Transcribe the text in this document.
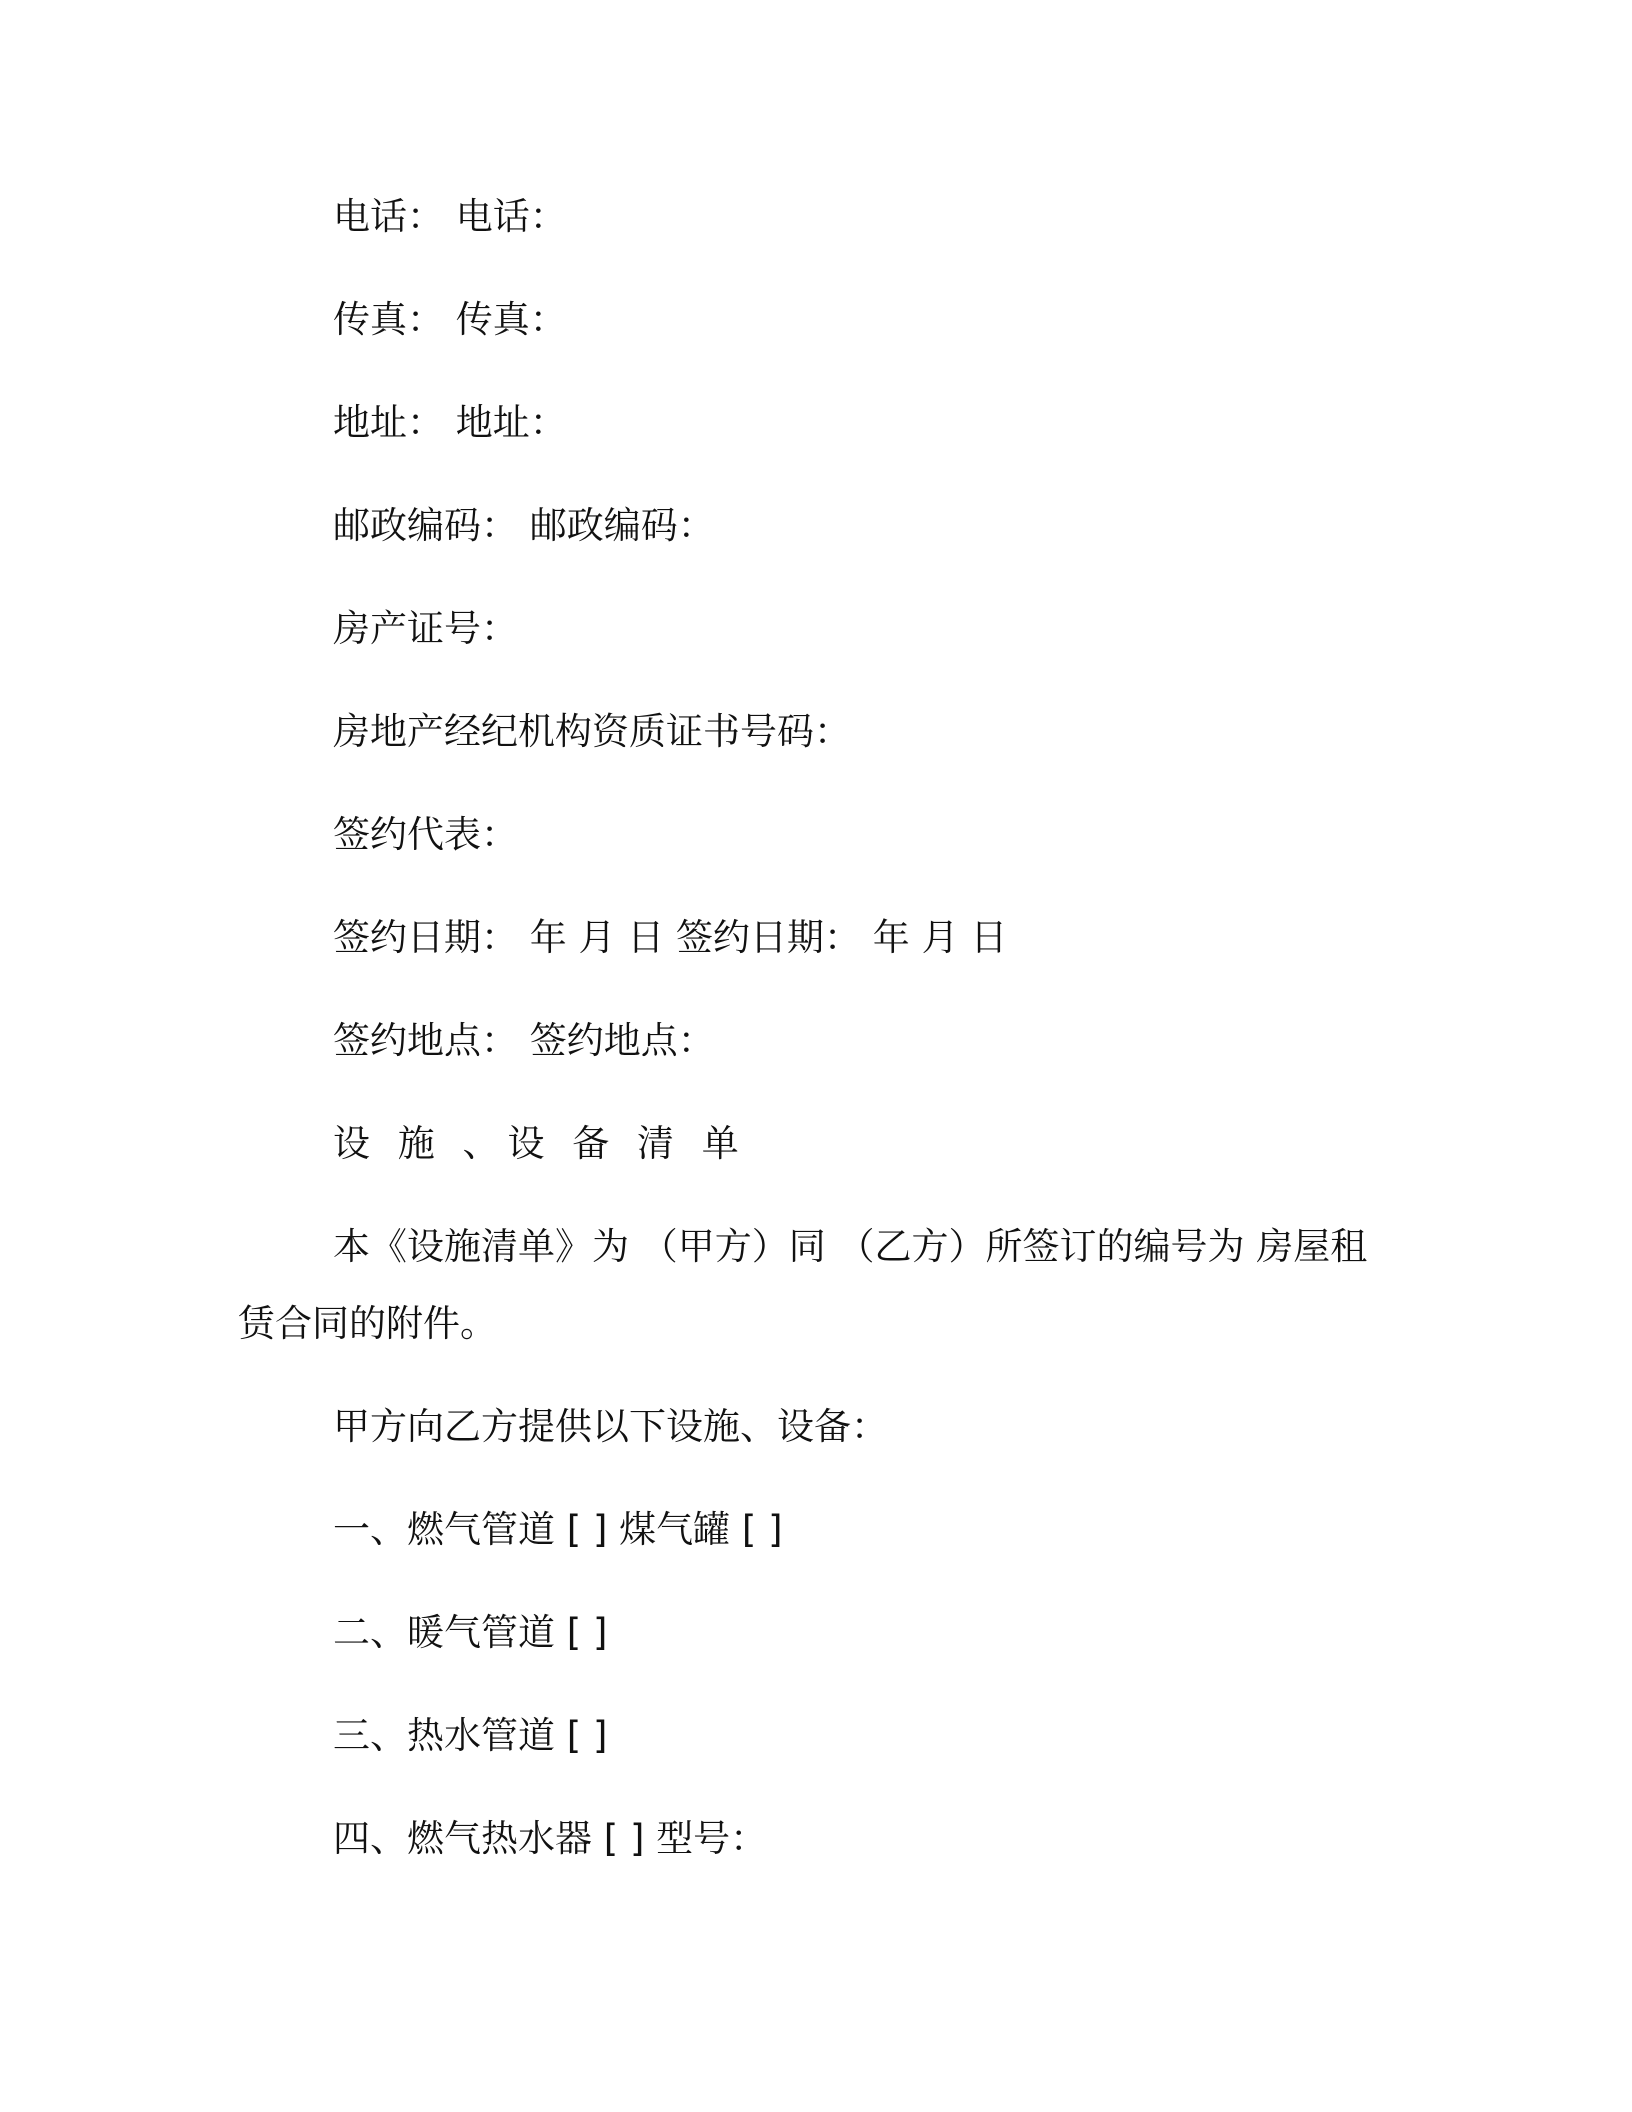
电话： 电话：
传真： 传真：
地址： 地址：
邮政编码： 邮政编码：
房产证号：
房地产经纪机构资质证书号码：
签约代表：
签约日期： 年 月 日 签约日期： 年 月 日
签约地点： 签约地点：
设 施 、设 备 清 单
本《设施清单》为 （甲方）同 （乙方）所签订的编号为 房屋租
赁合同的附件。
甲方向乙方提供以下设施、设备：
一、燃气管道 [ ] 煤气罐 [ ]
二、暖气管道 [ ]
三、热水管道 [ ]
四、燃气热水器 [ ] 型号：
